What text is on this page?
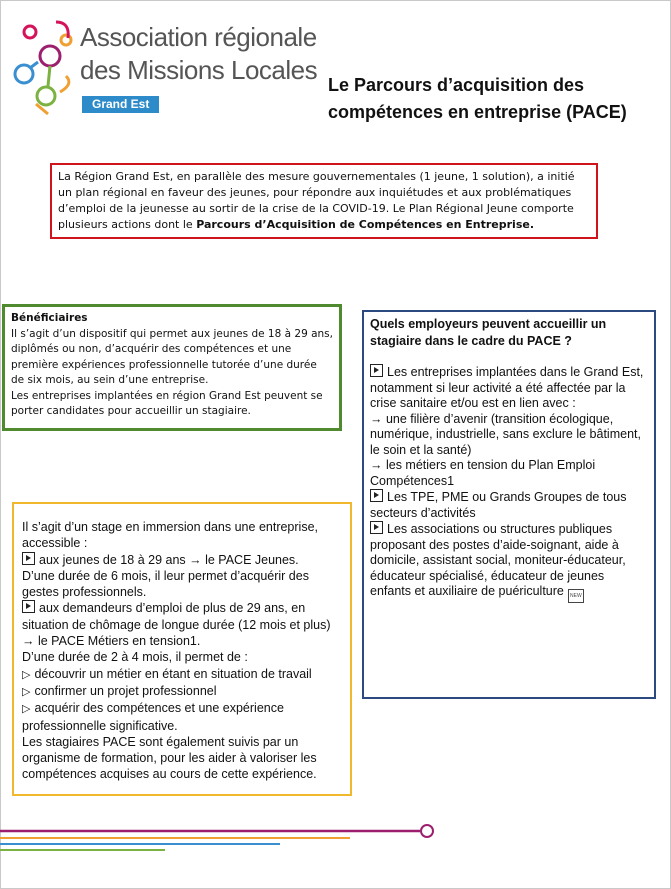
Association régionale
des Missions Locales
Grand Est
Le Parcours d’acquisition des compétences en entreprise (PACE)
La Région Grand Est, en parallèle des mesure gouvernementales (1 jeune, 1 solution), a initié un plan régional en faveur des jeunes, pour répondre aux inquiétudes et aux problématiques d’emploi de la jeunesse au sortir de la crise de la COVID-19. Le Plan Régional Jeune comporte plusieurs actions dont le Parcours d’Acquisition de Compétences en Entreprise.
Bénéficiaires
Il s’agit d’un dispositif qui permet aux jeunes de 18 à 29 ans, diplômés ou non, d’acquérir des compétences et une première expériences professionnelle tutorée d’une durée de six mois, au sein d’une entreprise.
Les entreprises implantées en région Grand Est peuvent se porter candidates pour accueillir un stagiaire.
Quels employeurs peuvent accueillir un stagiaire dans le cadre du PACE ?
Les entreprises implantées dans le Grand Est,
notamment si leur activité a été affectée par la crise sanitaire et/ou est en lien avec :
→ une filière d’avenir (transition écologique, numérique, industrielle, sans exclure le bâtiment, le soin et la santé)
→ les métiers en tension du Plan Emploi Compétences1
Les TPE, PME ou Grands Groupes de tous secteurs d’activités
Les associations ou structures publiques proposant des postes d’aide-soignant, aide à domicile, assistant social, moniteur-éducateur, éducateur spécialisé, éducateur de jeunes enfants et auxiliaire de puériculture NEW
Il s’agit d’un stage en immersion dans une entreprise, accessible :
aux jeunes de 18 à 29 ans → le PACE Jeunes.
D’une durée de 6 mois, il leur permet d’acquérir des gestes professionnels.
aux demandeurs d’emploi de plus de 29 ans, en situation de chômage de longue durée (12 mois et plus) → le PACE Métiers en tension1.
D’une durée de 2 à 4 mois, il permet de :
▷ découvrir un métier en étant en situation de travail
▷ confirmer un projet professionnel
▷ acquérir des compétences et une expérience professionnelle significative.
Les stagiaires PACE sont également suivis par un organisme de formation, pour les aider à valoriser les compétences acquises au cours de cette expérience.
